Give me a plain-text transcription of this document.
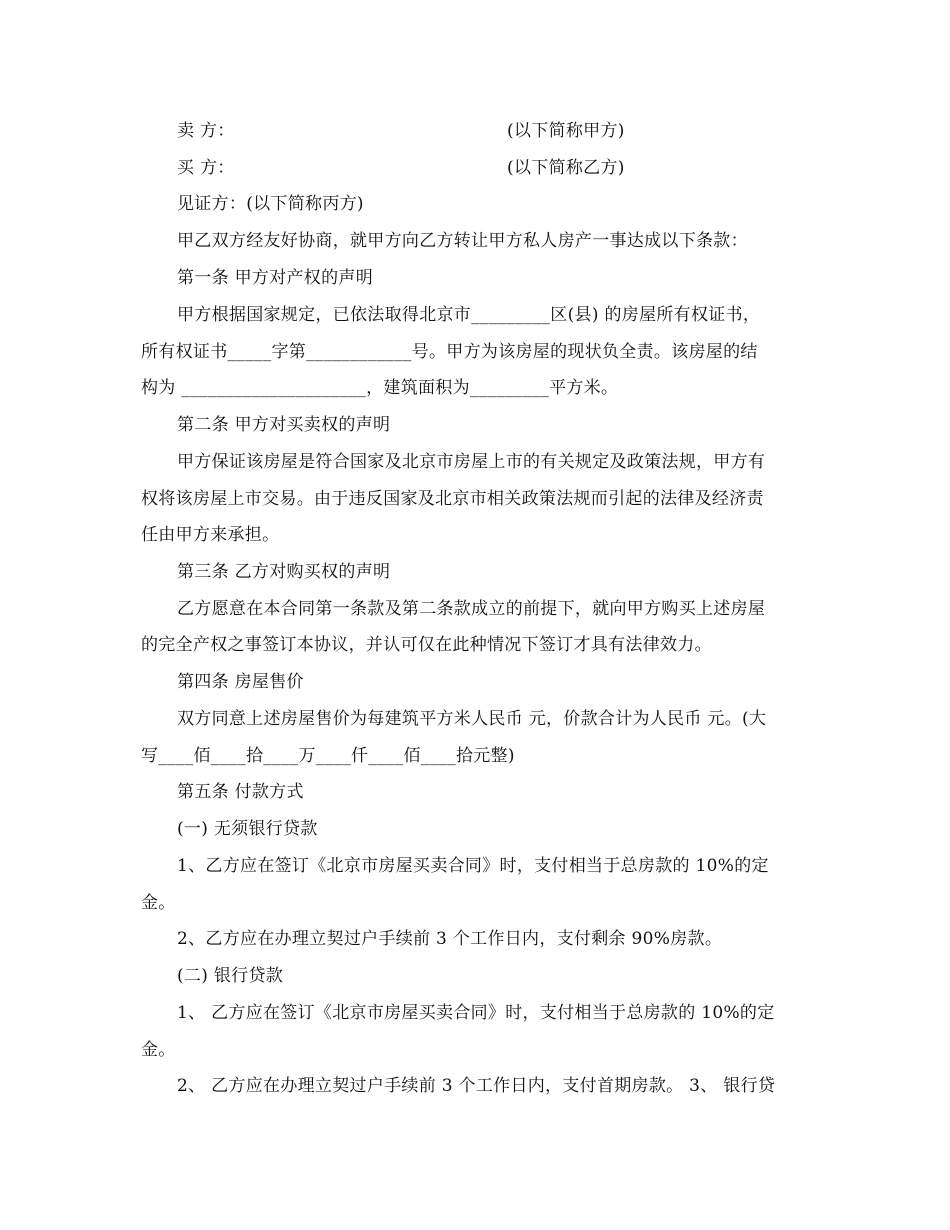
卖 方：	(以下简称甲方)
买 方：	(以下简称乙方)
见证方：(以下简称丙方)
甲乙双方经友好协商，就甲方向乙方转让甲方私人房产一事达成以下条款：
第一条 甲方对产权的声明
甲方根据国家规定，已依法取得北京市_________区(县) 的房屋所有权证书，
所有权证书_____字第____________号。甲方为该房屋的现状负全责。该房屋的结
构为 _____________________，建筑面积为_________平方米。
第二条 甲方对买卖权的声明
甲方保证该房屋是符合国家及北京市房屋上市的有关规定及政策法规，甲方有
权将该房屋上市交易。由于违反国家及北京市相关政策法规而引起的法律及经济责
任由甲方来承担。
第三条 乙方对购买权的声明
乙方愿意在本合同第一条款及第二条款成立的前提下，就向甲方购买上述房屋
的完全产权之事签订本协议，并认可仅在此种情况下签订才具有法律效力。
第四条 房屋售价
双方同意上述房屋售价为每建筑平方米人民币 元，价款合计为人民币 元。(大
写____佰____拾____万____仟____佰____拾元整)
第五条 付款方式
(一) 无须银行贷款
1、乙方应在签订《北京市房屋买卖合同》时，支付相当于总房款的 10%的定
金。
2、乙方应在办理立契过户手续前 3 个工作日内，支付剩余 90%房款。
(二) 银行贷款
1、 乙方应在签订《北京市房屋买卖合同》时，支付相当于总房款的 10%的定
金。
2、 乙方应在办理立契过户手续前 3 个工作日内，支付首期房款。 3、 银行贷
